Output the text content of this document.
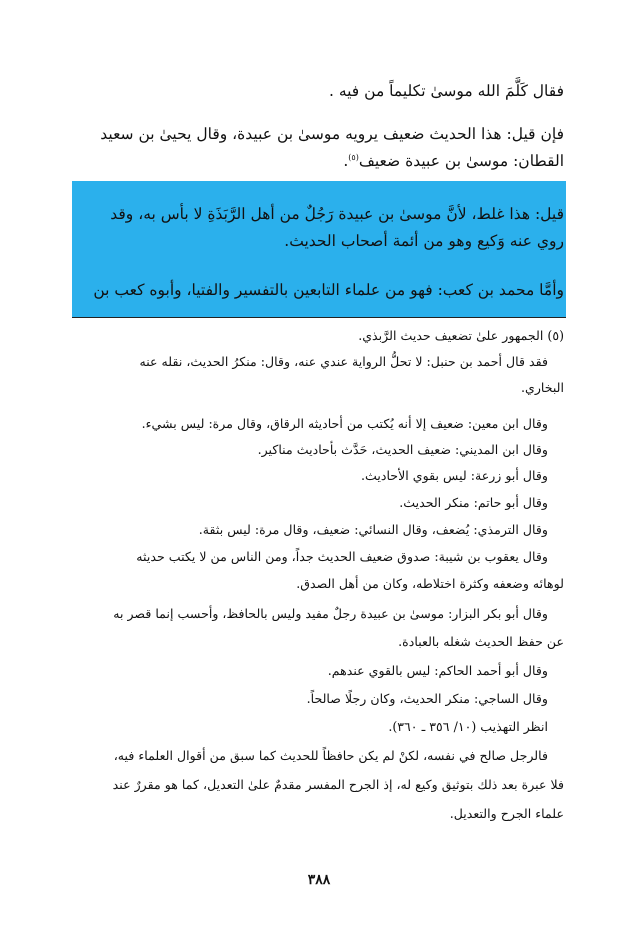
فقال كَلَّمَ الله موسىٰ تكليماً من فيه .
فإن قيل: هذا الحديث ضعيف يرويه موسىٰ بن عبيدة، وقال يحيىٰ بن سعيد
القطان: موسىٰ بن عبيدة ضعيف$^{(٥)}$.
قيل: هذا غلط، لأنَّ موسىٰ بن عبيدة رَجُلٌ من أهل الرَّبَذَةِ لا بأس به، وقد
روي عنه وَكيع وهو من أئمة أصحاب الحديث.
وأمَّا محمد بن كعب: فهو من علماء التابعين بالتفسير والفتيا، وأبوه كعب بن
(٥) الجمهور علىٰ تضعيف حديث الرَّبذي.
فقد قال أحمد بن حنبل: لا تحلُّ الرواية عندي عنه، وقال: منكرُ الحديث، نقله عنه
البخاري.
وقال ابن معين: ضعيف إلا أنه يُكتب من أحاديثه الرقاق، وقال مرة: ليس بشيء.
وقال ابن المديني: ضعيف الحديث، حَدَّث بأحاديث مناكير.
وقال أبو زرعة: ليس بقوي الأحاديث.
وقال أبو حاتم: منكر الحديث.
وقال الترمذي: يُضعف، وقال النسائي: ضعيف، وقال مرة: ليس بثقة.
وقال يعقوب بن شيبة: صدوق ضعيف الحديث جداً، ومن الناس من لا يكتب حديثه
لوهائه وضعفه وكثرة اختلاطه، وكان من أهل الصدق.
وقال أبو بكر البزار: موسىٰ بن عبيدة رجلٌ مفيد وليس بالحافظ، وأحسب إنما قصر به
عن حفظ الحديث شغله بالعبادة.
وقال أبو أحمد الحاكم: ليس بالقوي عندهم.
وقال الساجي: منكر الحديث، وكان رجلًا صالحاً.
انظر التهذيب (١٠/ ٣٥٦ ـ ٣٦٠).
فالرجل صالح في نفسه، لكنْ لم يكن حافظاً للحديث كما سبق من أقوال العلماء فيه،
فلا عبرة بعد ذلك بتوثيق وكيع له، إذ الجرح المفسر مقدمٌ علىٰ التعديل، كما هو مقررٌ عند
علماء الجرح والتعديل.
٣٨٨
